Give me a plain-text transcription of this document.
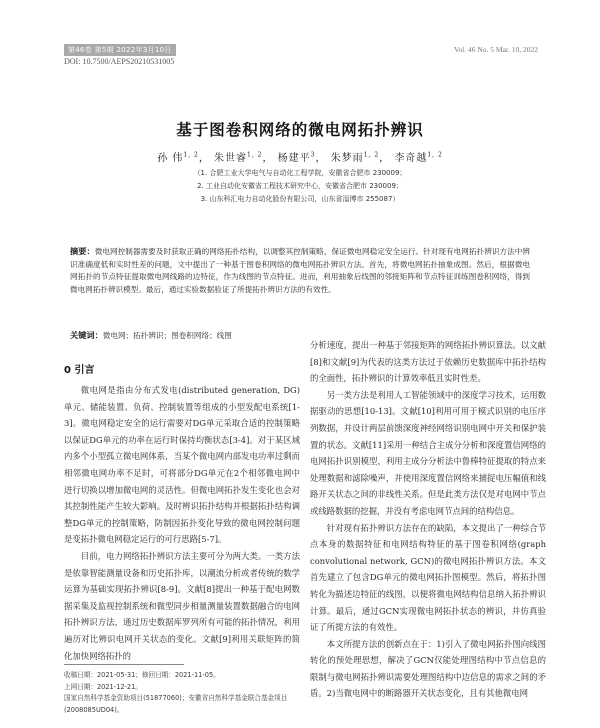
第46卷 第5期 2022年3月10日	Vol. 46 No. 5 Mar. 10, 2022
DOI: 10.7500/AEPS20210531005
基于图卷积网络的微电网拓扑辨识
孙 伟$^{1, 2}$， 朱世睿$^{1, 2}$， 杨建平$^3$， 朱梦雨$^{1, 2}$， 李奇越$^{1, 2}$
（1. 合肥工业大学电气与自动化工程学院，安徽省合肥市 230009；
2. 工业自动化安徽省工程技术研究中心，安徽省合肥市 230009；
3. 山东科汇电力自动化股份有限公司，山东省淄博市 255087）
摘要：微电网控制器需要及时获取正确的网络拓扑结构，以调整其控制策略，保证微电网稳定安全运行。针对现有电网拓扑辨识方法中辨识准确度低和实时性差的问题，文中提出了一种基于图卷积网络的微电网拓扑辨识方法。首先，将微电网拓扑抽象成图。然后，根据微电网拓扑的节点特征提取微电网线路的边特征，作为线图的节点特征。进而，利用抽象后线图的邻接矩阵和节点特征训练图卷积网络，得到微电网拓扑辨识模型。最后，通过实验数据验证了所提拓扑辨识方法的有效性。
关键词：微电网；拓扑辨识；图卷积网络；线图
0 引言

微电网是指由分布式发电(distributed generation, DG)单元、储能装置、负荷、控制装置等组成的小型发配电系统[1-3]。微电网稳定安全的运行需要对DG单元采取合适的控制策略以保证DG单元的功率在运行时保持均衡状态[3-4]。对于某区域内多个小型孤立微电网体系，当某个微电网内部发电功率过剩而相邻微电网功率不足时，可将部分DG单元在2个相邻微电网中进行切换以增加微电网的灵活性。但微电网拓扑发生变化也会对其控制性能产生较大影响。及时辨识拓扑结构并根据拓扑结构调整DG单元的控制策略，防制因拓扑变化导致的微电网控制问题是变拓扑微电网稳定运行的可行思路[5-7]。

目前，电力网络拓扑辨识方法主要可分为两大类。一类方法是依靠智能测量设备和历史拓扑库，以潮流分析或者传统的数学运算为基础实现拓扑辨识[8-9]。文献[8]提出一种基于配电网数据采集及监视控制系统和微型同步相量测量装置数据融合的电网拓扑辨识方法，通过历史数据库罗列所有可能的拓扑情况，利用遍历对比辨识电网开关状态的变化。文献[9]利用关联矩阵的简化加快网络拓扑的

分析速度，提出一种基于邻接矩阵的网络拓扑辨识算法。以文献[8]和文献[9]为代表的这类方法过于依赖历史数据库中拓扑结构的全面性，拓扑辨识的计算效率低且实时性差。

另一类方法是利用人工智能领域中的深度学习技术，运用数据驱动的思想[10-13]。文献[10]利用可用于模式识别的电压序列数据，并设计两层前馈深度神经网络识别电网中开关和保护装置的状态。文献[11]采用一种结合主成分分析和深度置信网络的电网拓扑识别模型，利用主成分分析法中鲁棒特征提取的特点来处理数据和滤除噪声，并使用深度置信网络来捕捉电压幅值和线路开关状态之间的非线性关系。但是此类方法仅是对电网中节点或线路数据的挖掘，并没有考虑电网节点间的结构信息。

针对现有拓扑辨识方法存在的缺陷，本文提出了一种综合节点本身的数据特征和电网结构特征的基于图卷积网络(graph convolutional network, GCN)的微电网拓扑辨识方法。本文首先建立了包含DG单元的微电网拓扑图模型。然后，将拓扑图转化为描述边特征的线图，以便将微电网结构信息纳入拓扑辨识计算。最后，通过GCN实现微电网拓扑状态的辨识，并仿真验证了所提方法的有效性。

本文所提方法的创新点在于：1)引入了微电网拓扑图向线图转化的预处理思想，解决了GCN仅能处理图结构中节点信息的限制与微电网拓扑辨识需要处理图结构中边信息的需求之间的矛盾。2)当微电网中的断路器开关状态变化，且有其他微电网

收稿日期：2021-05-31；修回日期：2021-11-05。
上网日期：2021-12-21。
国家自然科学基金资助项目(51877060)；安徽省自然科学基金联合基金项目(2008085UD04)。
